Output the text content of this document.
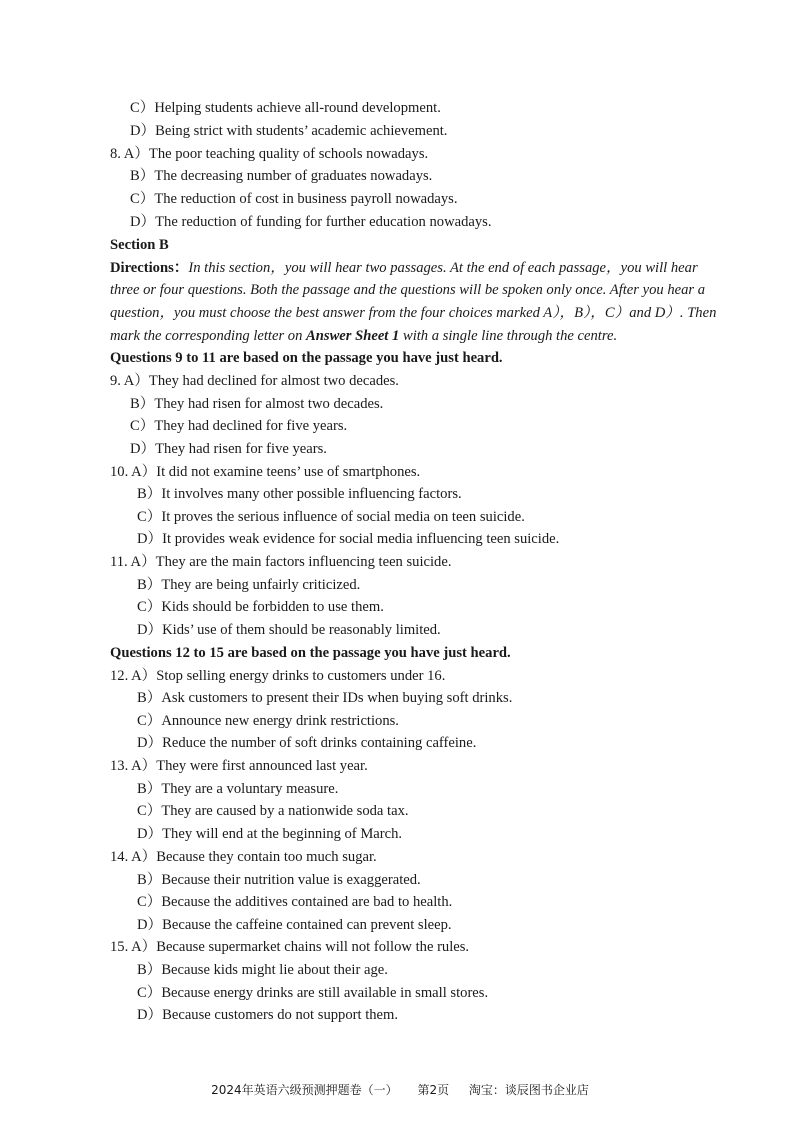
C）Helping students achieve all-round development.
D）Being strict with students’ academic achievement.
8. A）The poor teaching quality of schools nowadays.
B）The decreasing number of graduates nowadays.
C）The reduction of cost in business payroll nowadays.
D）The reduction of funding for further education nowadays.
Section B
Directions：In this section，you will hear two passages. At the end of each passage，you will hear
three or four questions. Both the passage and the questions will be spoken only once. After you hear a
question，you must choose the best answer from the four choices marked A），B），C）and D）. Then
mark the corresponding letter on Answer Sheet 1 with a single line through the centre.
Questions 9 to 11 are based on the passage you have just heard.
9. A）They had declined for almost two decades.
B）They had risen for almost two decades.
C）They had declined for five years.
D）They had risen for five years.
10. A）It did not examine teens’ use of smartphones.
B）It involves many other possible influencing factors.
C）It proves the serious influence of social media on teen suicide.
D）It provides weak evidence for social media influencing teen suicide.
11. A）They are the main factors influencing teen suicide.
B）They are being unfairly criticized.
C）Kids should be forbidden to use them.
D）Kids’ use of them should be reasonably limited.
Questions 12 to 15 are based on the passage you have just heard.
12. A）Stop selling energy drinks to customers under 16.
B）Ask customers to present their IDs when buying soft drinks.
C）Announce new energy drink restrictions.
D）Reduce the number of soft drinks containing caffeine.
13. A）They were first announced last year.
B）They are a voluntary measure.
C）They are caused by a nationwide soda tax.
D）They will end at the beginning of March.
14. A）Because they contain too much sugar.
B）Because their nutrition value is exaggerated.
C）Because the additives contained are bad to health.
D）Because the caffeine contained can prevent sleep.
15. A）Because supermarket chains will not follow the rules.
B）Because kids might lie about their age.
C）Because energy drinks are still available in small stores.
D）Because customers do not support them.
2024年英语六级预测押题卷（一） 第2页 淘宝：谈辰图书企业店
